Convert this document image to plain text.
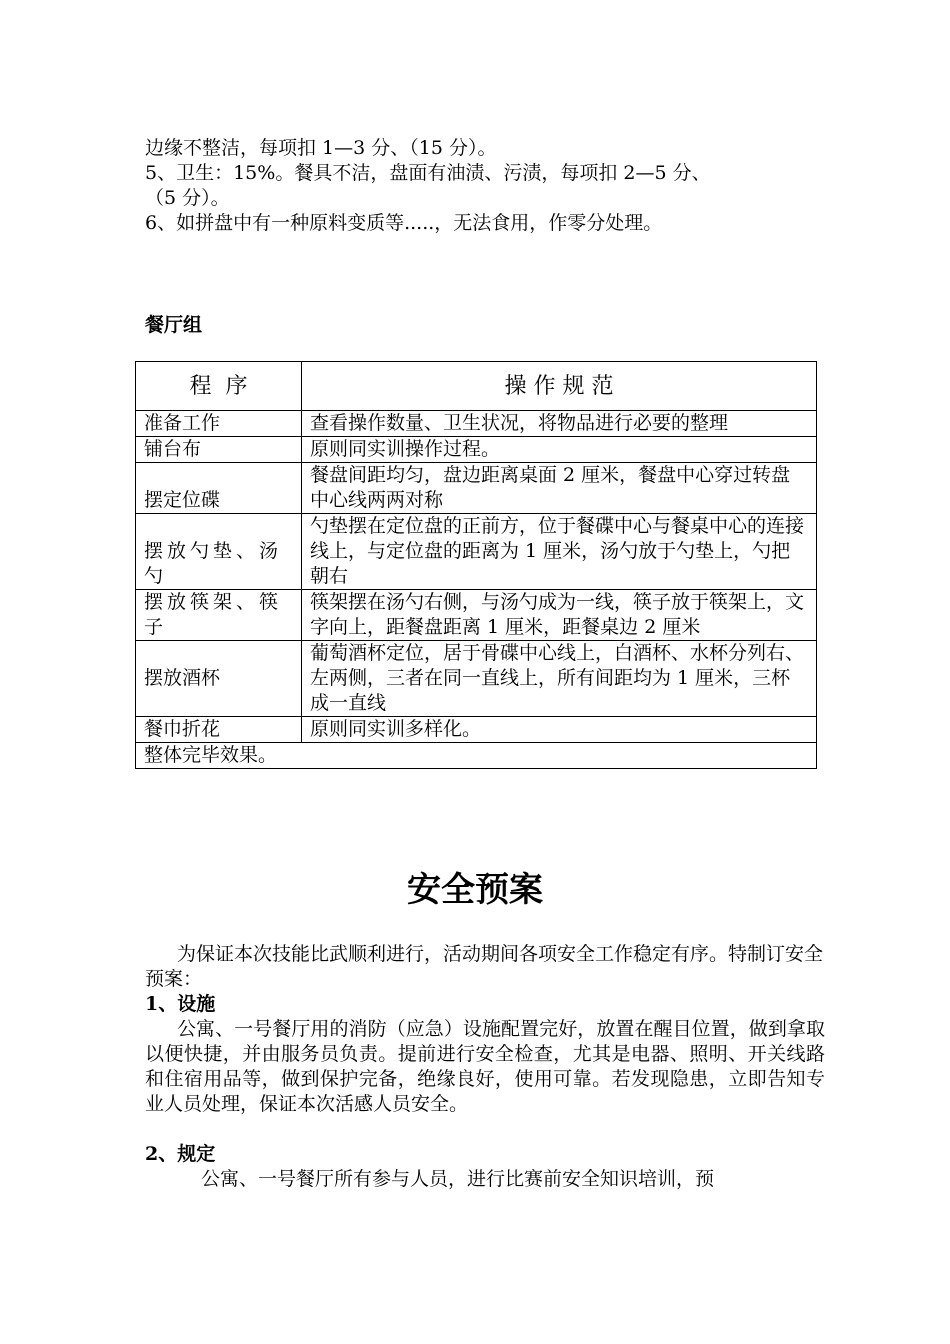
边缘不整洁，每项扣 1—3 分、（15 分）。
5、卫生：15%。餐具不洁，盘面有油渍、污渍，每项扣 2—5 分、
（5 分）。
6、如拼盘中有一种原料变质等.....，无法食用，作零分处理。
餐厅组
程  序	操 作 规 范
准备工作	查看操作数量、卫生状况，将物品进行必要的整理
铺台布	原则同实训操作过程。
摆定位碟	餐盘间距均匀，盘边距离桌面 2 厘米，餐盘中心穿过转盘中心线两两对称
摆放勺垫、汤勺	勺垫摆在定位盘的正前方，位于餐碟中心与餐桌中心的连接线上，与定位盘的距离为 1 厘米，汤勺放于勺垫上，勺把朝右
摆放筷架、筷子	筷架摆在汤勺右侧，与汤勺成为一线，筷子放于筷架上，文字向上，距餐盘距离 1 厘米，距餐桌边 2 厘米
摆放酒杯	葡萄酒杯定位，居于骨碟中心线上，白酒杯、水杯分列右、左两侧，三者在同一直线上，所有间距均为 1 厘米，三杯成一直线
餐巾折花	原则同实训多样化。
整体完毕效果。	
安全预案
为保证本次技能比武顺利进行，活动期间各项安全工作稳定有序。特制订安全预案：
1、设施
公寓、一号餐厅用的消防（应急）设施配置完好，放置在醒目位置，做到拿取以便快捷，并由服务员负责。提前进行安全检查，尤其是电器、照明、开关线路和住宿用品等，做到保护完备，绝缘良好，使用可靠。若发现隐患，立即告知专业人员处理，保证本次活感人员安全。
2、规定
公寓、一号餐厅所有参与人员，进行比赛前安全知识培训，预
